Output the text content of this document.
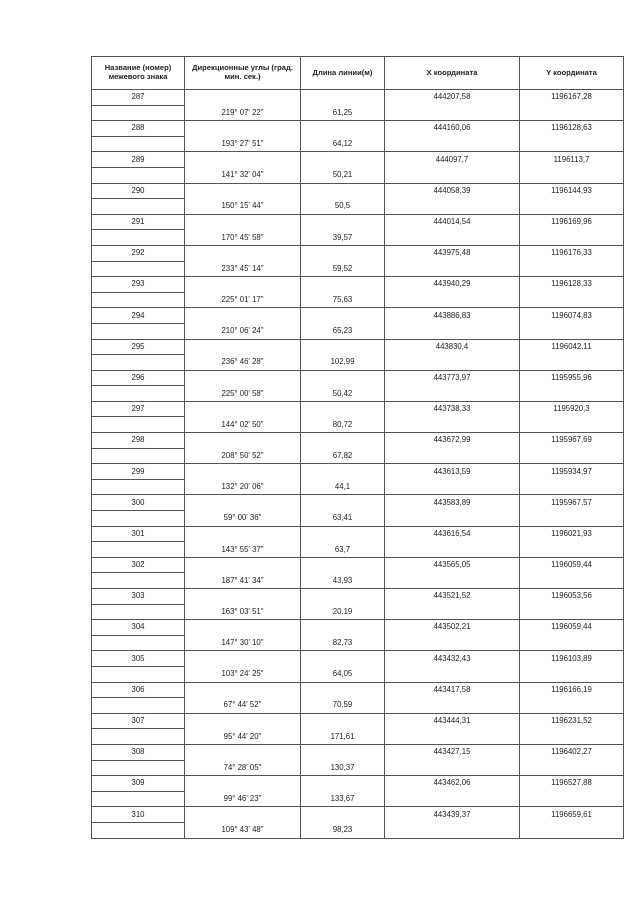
Название (номер) межевого знака	Дирекционные углы (град. мин. сек.)	Длина линии(м)	X координата	Y координата
287			444207,58	1196167,28
	219° 07' 22"	61,25		
288			444160,06	1196128,63
	193° 27' 51"	64,12		
289			444097,7	1196113,7
	141° 32' 04"	50,21		
290			444058,39	1196144,93
	150° 15' 44"	50,5		
291			444014,54	1196169,96
	170° 45' 58"	39,57		
292			443975,48	1196176,33
	233° 45' 14"	59,52		
293			443940,29	1196128,33
	225° 01' 17"	75,63		
294			443886,83	1196074,83
	210° 06' 24"	65,23		
295			443830,4	1196042,11
	236° 46' 28"	102,99		
296			443773,97	1195955,96
	225° 00' 58"	50,42		
297			443738,33	1195920,3
	144° 02' 50"	80,72		
298			443672,99	1195967,69
	208° 50' 52"	67,82		
299			443613,59	1195934,97
	132° 20' 06"	44,1		
300			443583,89	1195967,57
	59° 00' 36"	63,41		
301			443616,54	1196021,93
	143° 55' 37"	63,7		
302			443565,05	1196059,44
	187° 41' 34"	43,93		
303			443521,52	1196053,56
	163° 03' 51"	20,19		
304			443502,21	1196059,44
	147° 30' 10"	82,73		
305			443432,43	1196103,89
	103° 24' 25"	64,05		
306			443417,58	1196166,19
	67° 44' 52"	70,59		
307			443444,31	1196231,52
	95° 44' 20"	171,61		
308			443427,15	1196402,27
	74° 28' 05"	130,37		
309			443462,06	1196527,88
	99° 46' 23"	133,67		
310			443439,37	1196659,61
	109° 43' 48"	98,23		
